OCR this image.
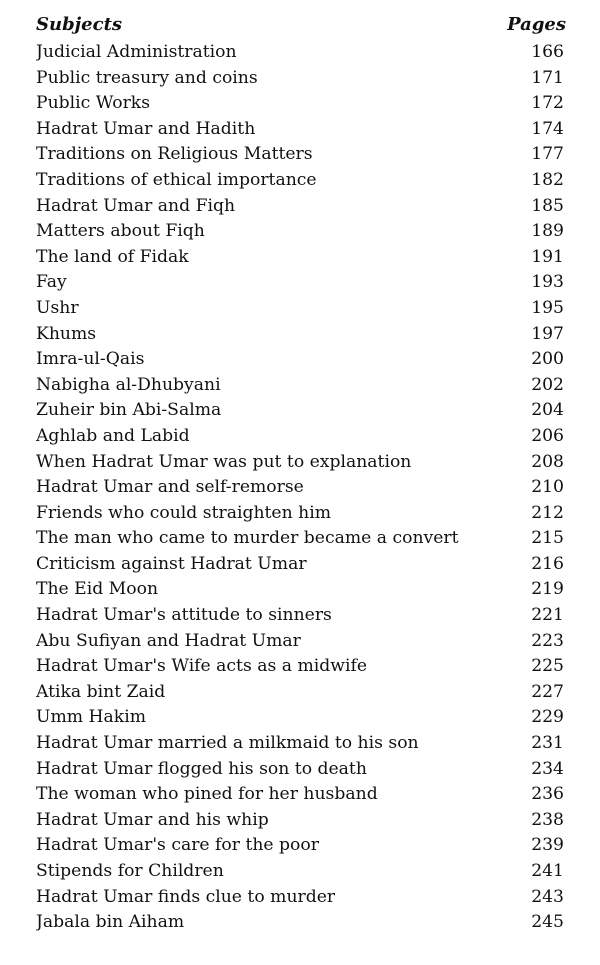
Subjects	Pages
Judicial Administration	166
Public treasury and coins	171
Public Works	172
Hadrat Umar and Hadith	174
Traditions on Religious Matters	177
Traditions of ethical importance	182
Hadrat Umar and Fiqh	185
Matters about Fiqh	189
The land of Fidak	191
Fay	193
Ushr	195
Khums	197
Imra-ul-Qais	200
Nabigha al-Dhubyani	202
Zuheir bin Abi-Salma	204
Aghlab and Labid	206
When Hadrat Umar was put to explanation	208
Hadrat Umar and self-remorse	210
Friends who could straighten him	212
The man who came to murder became a convert	215
Criticism against Hadrat Umar	216
The Eid Moon	219
Hadrat Umar's attitude to sinners	221
Abu Sufiyan and Hadrat Umar	223
Hadrat Umar's Wife acts as a midwife	225
Atika bint Zaid	227
Umm Hakim	229
Hadrat Umar married a milkmaid to his son	231
Hadrat Umar flogged his son to death	234
The woman who pined for her husband	236
Hadrat Umar and his whip	238
Hadrat Umar's care for the poor	239
Stipends for Children	241
Hadrat Umar finds clue to murder	243
Jabala bin Aiham	245
